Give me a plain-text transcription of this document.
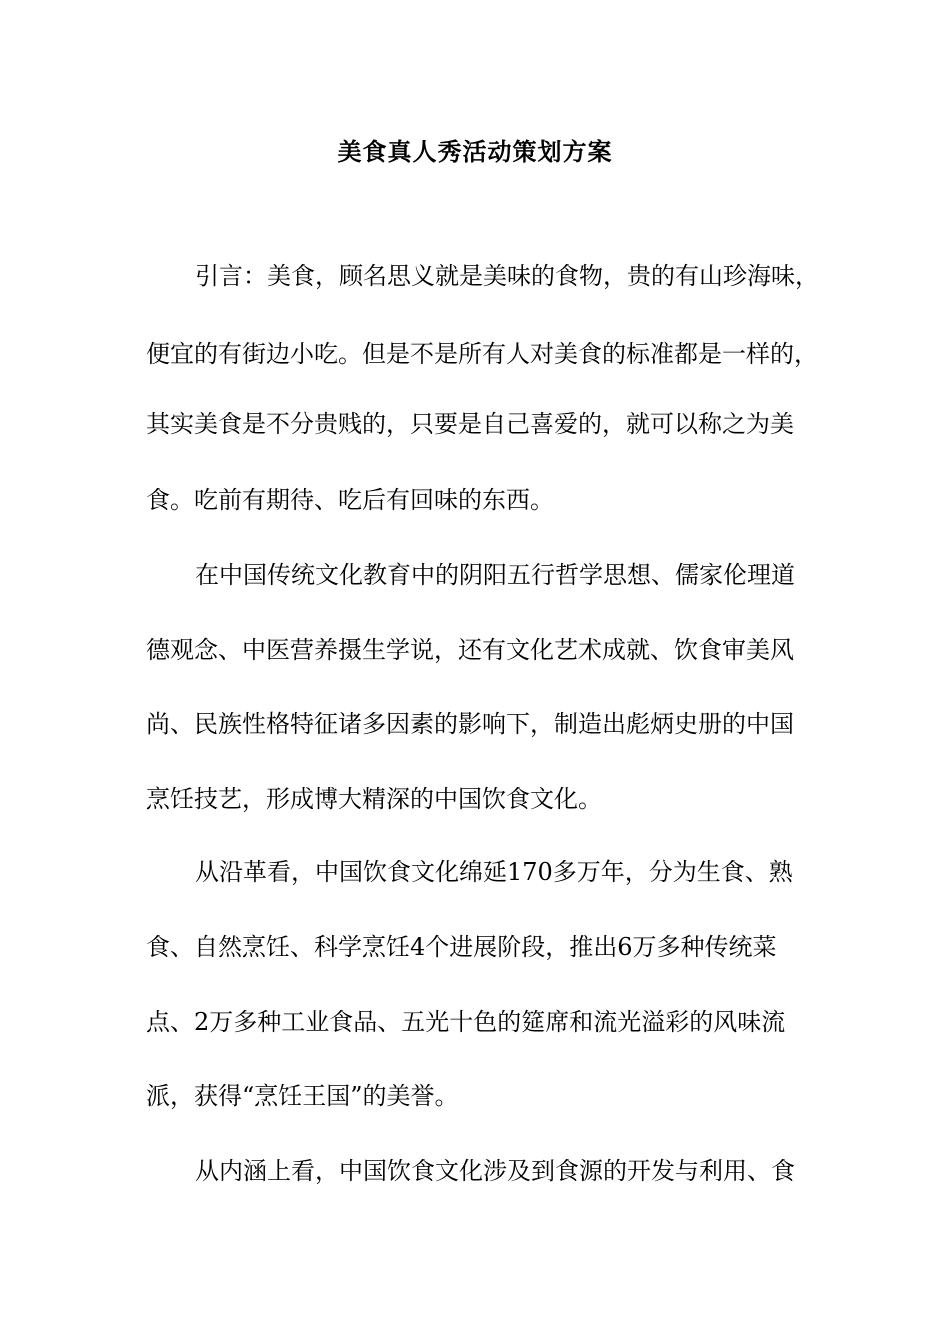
美食真人秀活动策划方案

引言：美食，顾名思义就是美味的食物，贵的有山珍海味，

便宜的有街边小吃。但是不是所有人对美食的标准都是一样的，

其实美食是不分贵贱的，只要是自己喜爱的，就可以称之为美

食。吃前有期待、吃后有回味的东西。

在中国传统文化教育中的阴阳五行哲学思想、儒家伦理道

德观念、中医营养摄生学说，还有文化艺术成就、饮食审美风

尚、民族性格特征诸多因素的影响下，制造出彪炳史册的中国

烹饪技艺，形成博大精深的中国饮食文化。

从沿革看，中国饮食文化绵延170多万年，分为生食、熟

食、自然烹饪、科学烹饪4个进展阶段，推出6万多种传统菜

点、2万多种工业食品、五光十色的筵席和流光溢彩的风味流

派，获得“烹饪王国”的美誉。

从内涵上看，中国饮食文化涉及到食源的开发与利用、食
